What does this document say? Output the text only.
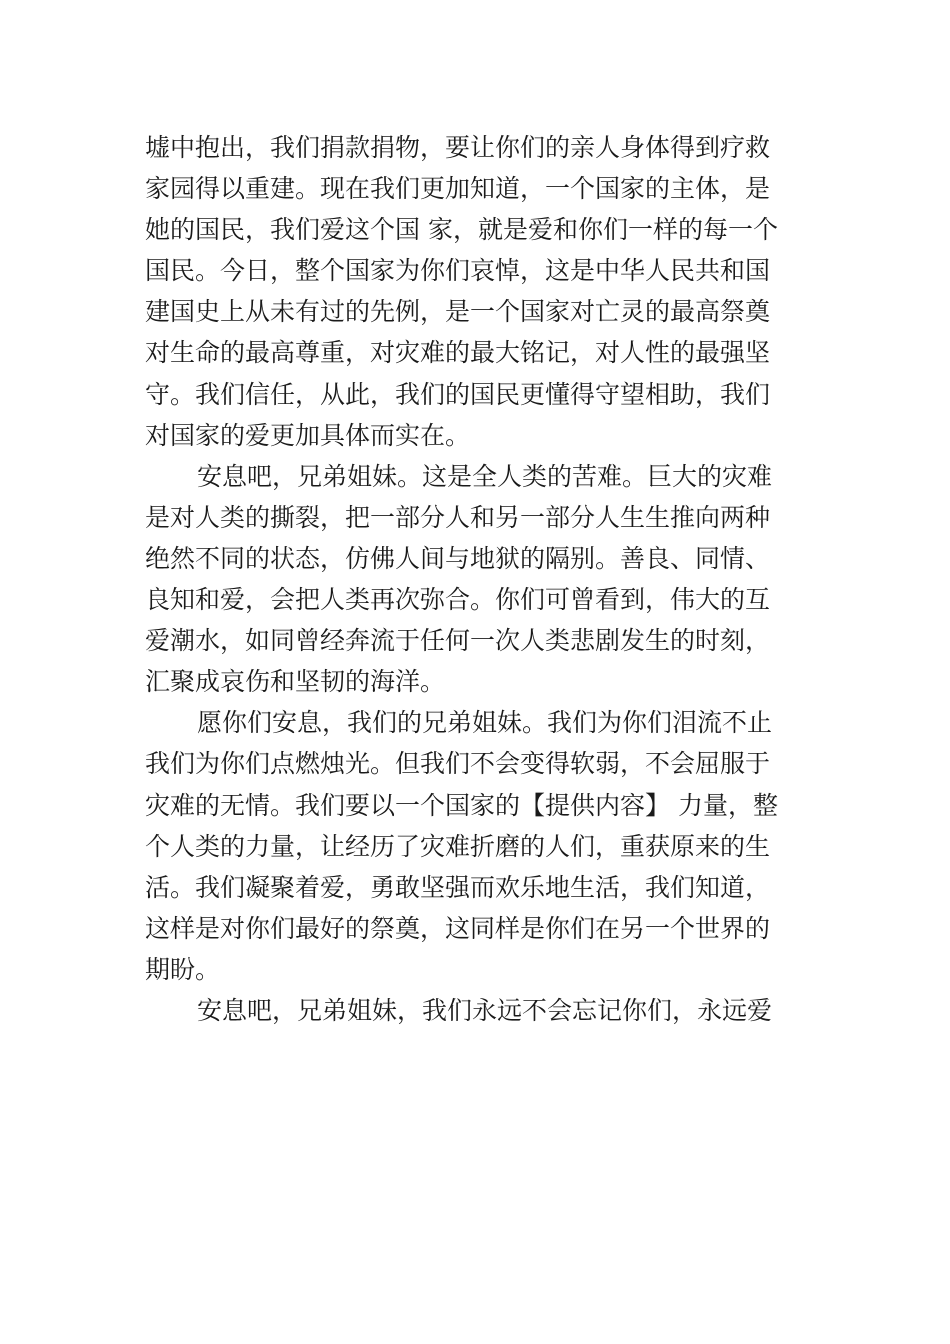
墟中抱出，我们捐款捐物，要让你们的亲人身体得到疗救
家园得以重建。现在我们更加知道，一个国家的主体，是
她的国民，我们爱这个国 家，就是爱和你们一样的每一个
国民。今日，整个国家为你们哀悼，这是中华人民共和国
建国史上从未有过的先例，是一个国家对亡灵的最高祭奠
对生命的最高尊重，对灾难的最大铭记，对人性的最强坚
守。我们信任，从此，我们的国民更懂得守望相助，我们
对国家的爱更加具体而实在。
安息吧，兄弟姐妹。这是全人类的苦难。巨大的灾难
是对人类的撕裂，把一部分人和另一部分人生生推向两种
绝然不同的状态，仿佛人间与地狱的隔别。善良、同情、
良知和爱，会把人类再次弥合。你们可曾看到，伟大的互
爱潮水，如同曾经奔流于任何一次人类悲剧发生的时刻，
汇聚成哀伤和坚韧的海洋。
愿你们安息，我们的兄弟姐妹。我们为你们泪流不止
我们为你们点燃烛光。但我们不会变得软弱，不会屈服于
灾难的无情。我们要以一个国家的【提供内容】 力量，整
个人类的力量，让经历了灾难折磨的人们，重获原来的生
活。我们凝聚着爱，勇敢坚强而欢乐地生活，我们知道，
这样是对你们最好的祭奠，这同样是你们在另一个世界的
期盼。
安息吧，兄弟姐妹，我们永远不会忘记你们，永远爱
